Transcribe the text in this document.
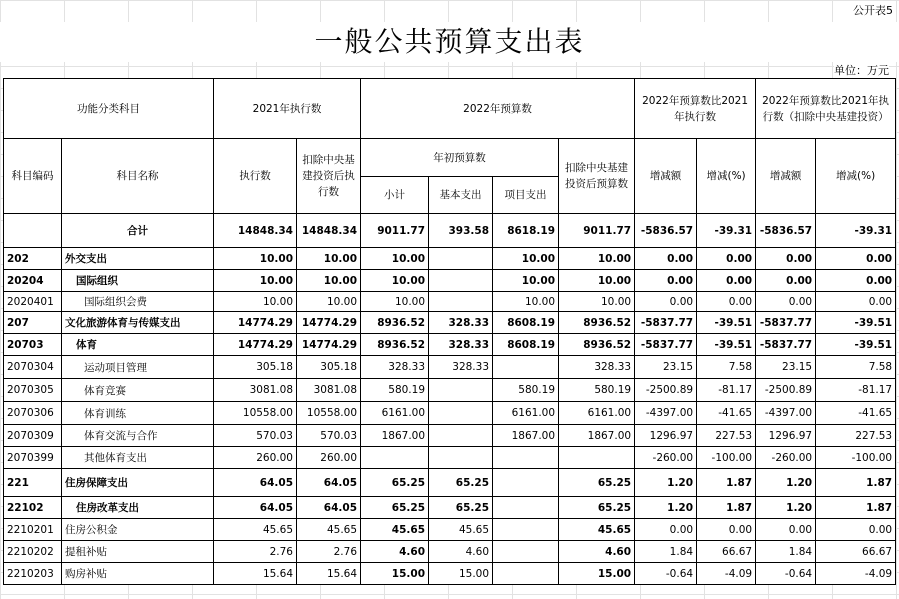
公开表5
一般公共预算支出表
单位：万元
功能分类科目		2021年执行数		2022年预算数				2022年预算数比2021年执行数		2022年预算数比2021年执行数（扣除中央基建投资）	
科目编码	科目名称	执行数	扣除中央基建投资后执行数	年初预算数			扣除中央基建投资后预算数	增减额	增减(%)	增减额	增减(%)
				小计	基本支出	项目支出					
	合计	14848.34	14848.34	9011.77	393.58	8618.19	9011.77	-5836.57	-39.31	-5836.57	-39.31
202	外交支出	10.00	10.00	10.00		10.00	10.00	0.00	0.00	0.00	0.00
20204	国际组织	10.00	10.00	10.00		10.00	10.00	0.00	0.00	0.00	0.00
2020401	国际组织会费	10.00	10.00	10.00		10.00	10.00	0.00	0.00	0.00	0.00
207	文化旅游体育与传媒支出	14774.29	14774.29	8936.52	328.33	8608.19	8936.52	-5837.77	-39.51	-5837.77	-39.51
20703	体育	14774.29	14774.29	8936.52	328.33	8608.19	8936.52	-5837.77	-39.51	-5837.77	-39.51
2070304	运动项目管理	305.18	305.18	328.33	328.33		328.33	23.15	7.58	23.15	7.58
2070305	体育竞赛	3081.08	3081.08	580.19		580.19	580.19	-2500.89	-81.17	-2500.89	-81.17
2070306	体育训练	10558.00	10558.00	6161.00		6161.00	6161.00	-4397.00	-41.65	-4397.00	-41.65
2070309	体育交流与合作	570.03	570.03	1867.00		1867.00	1867.00	1296.97	227.53	1296.97	227.53
2070399	其他体育支出	260.00	260.00					-260.00	-100.00	-260.00	-100.00
221	住房保障支出	64.05	64.05	65.25	65.25		65.25	1.20	1.87	1.20	1.87
22102	住房改革支出	64.05	64.05	65.25	65.25		65.25	1.20	1.87	1.20	1.87
2210201	住房公积金	45.65	45.65	45.65	45.65		45.65	0.00	0.00	0.00	0.00
2210202	提租补贴	2.76	2.76	4.60	4.60		4.60	1.84	66.67	1.84	66.67
2210203	购房补贴	15.64	15.64	15.00	15.00		15.00	-0.64	-4.09	-0.64	-4.09
